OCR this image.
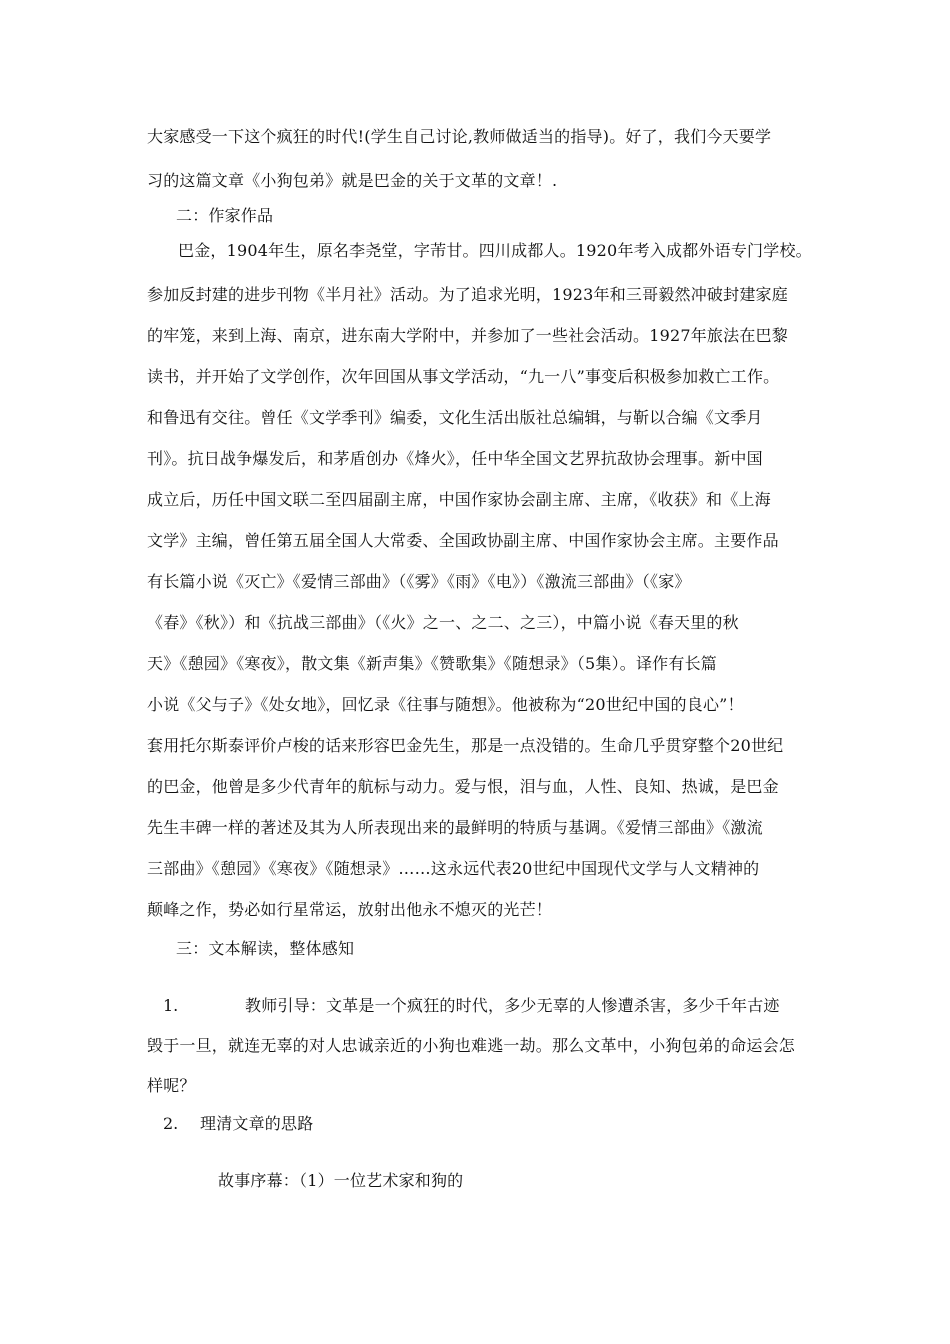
大家感受一下这个疯狂的时代!(学生自己讨论,教师做适当的指导)。好了，我们今天要学
习的这篇文章《小狗包弟》就是巴金的关于文革的文章！.
二：作家作品
巴金，1904年生，原名李尧堂，字芾甘。四川成都人。1920年考入成都外语专门学校。
参加反封建的进步刊物《半月社》活动。为了追求光明，1923年和三哥毅然冲破封建家庭
的牢笼，来到上海、南京，进东南大学附中，并参加了一些社会活动。1927年旅法在巴黎
读书，并开始了文学创作，次年回国从事文学活动，“九一八”事变后积极参加救亡工作。
和鲁迅有交往。曾任《文学季刊》编委，文化生活出版社总编辑，与靳以合编《文季月
刊》。抗日战争爆发后，和茅盾创办《烽火》，任中华全国文艺界抗敌协会理事。新中国
成立后，历任中国文联二至四届副主席，中国作家协会副主席、主席，《收获》和《上海
文学》主编，曾任第五届全国人大常委、全国政协副主席、中国作家协会主席。主要作品
有长篇小说《灭亡》《爱情三部曲》（《雾》《雨》《电》）《激流三部曲》（《家》
《春》《秋》）和《抗战三部曲》（《火》之一、之二、之三），中篇小说《春天里的秋
天》《憩园》《寒夜》，散文集《新声集》《赞歌集》《随想录》（5集）。译作有长篇
小说《父与子》《处女地》，回忆录《往事与随想》。他被称为“20世纪中国的良心”！
套用托尔斯泰评价卢梭的话来形容巴金先生，那是一点没错的。生命几乎贯穿整个20世纪
的巴金，他曾是多少代青年的航标与动力。爱与恨，泪与血，人性、良知、热诚，是巴金
先生丰碑一样的著述及其为人所表现出来的最鲜明的特质与基调。《爱情三部曲》《激流
三部曲》《憩园》《寒夜》《随想录》……这永远代表20世纪中国现代文学与人文精神的
颠峰之作，势必如行星常运，放射出他永不熄灭的光芒！
三：文本解读，整体感知
1.	教师引导：文革是一个疯狂的时代，多少无辜的人惨遭杀害，多少千年古迹
毁于一旦，就连无辜的对人忠诚亲近的小狗也难逃一劫。那么文革中，小狗包弟的命运会怎
样呢？
2. 理清文章的思路
故事序幕：（1）一位艺术家和狗的
